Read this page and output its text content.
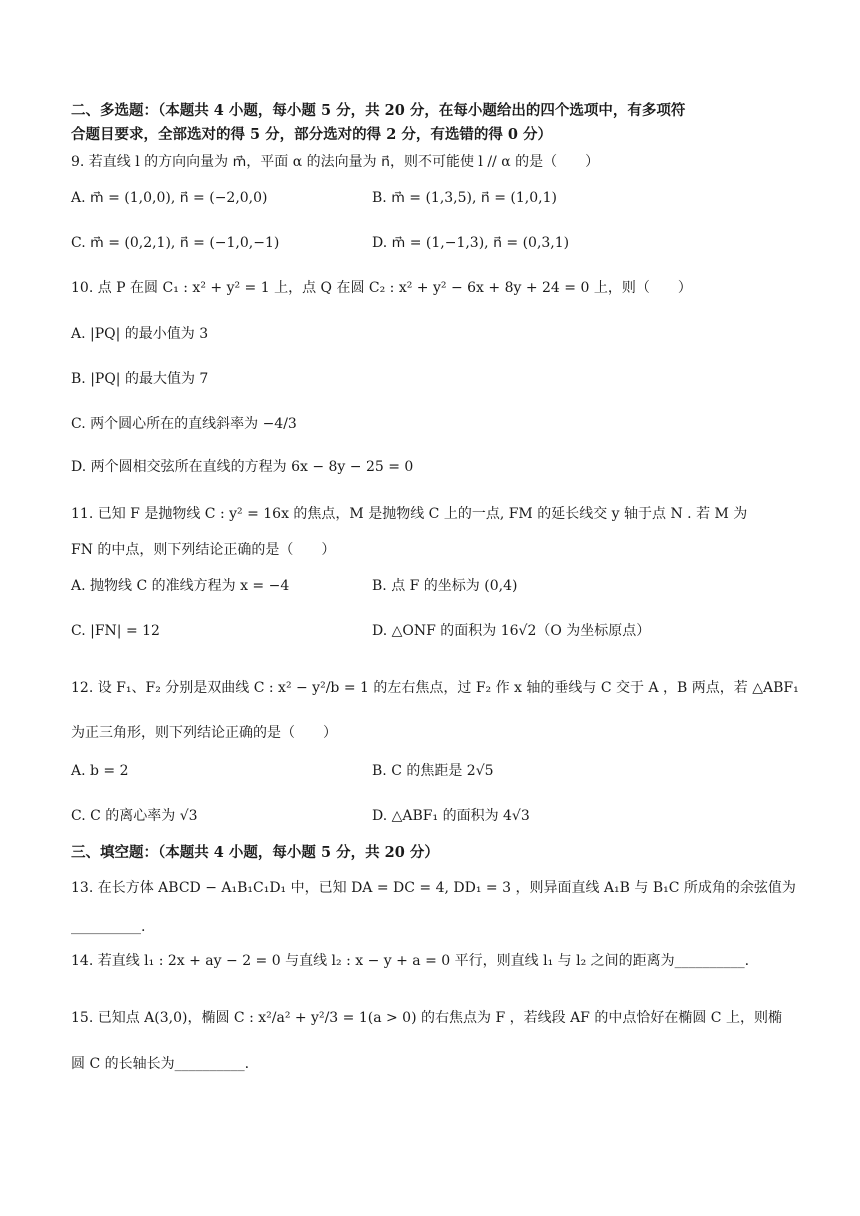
二、多选题：（本题共 4 小题，每小题 5 分，共 20 分，在每小题给出的四个选项中，有多项符
合题目要求，全部选对的得 5 分，部分选对的得 2 分，有选错的得 0 分）
9. 若直线 l 的方向向量为 m⃗，平面 α 的法向量为 n⃗，则不可能使 l // α 的是（　　）
A. m⃗ = (1,0,0), n⃗ = (−2,0,0)	B. m⃗ = (1,3,5), n⃗ = (1,0,1)
C. m⃗ = (0,2,1), n⃗ = (−1,0,−1)	D. m⃗ = (1,−1,3), n⃗ = (0,3,1)
10. 点 P 在圆 C₁ : x² + y² = 1 上，点 Q 在圆 C₂ : x² + y² − 6x + 8y + 24 = 0 上，则（　　）
A. |PQ| 的最小值为 3
B. |PQ| 的最大值为 7
C. 两个圆心所在的直线斜率为 −4/3
D. 两个圆相交弦所在直线的方程为 6x − 8y − 25 = 0
11. 已知 F 是抛物线 C : y² = 16x 的焦点，M 是抛物线 C 上的一点, FM 的延长线交 y 轴于点 N . 若 M 为
FN 的中点，则下列结论正确的是（　　）
A. 抛物线 C 的准线方程为 x = −4	B. 点 F 的坐标为 (0,4)
C. |FN| = 12	D. △ONF 的面积为 16√2（O 为坐标原点）
12. 设 F₁、F₂ 分别是双曲线 C : x² − y²/b = 1 的左右焦点，过 F₂ 作 x 轴的垂线与 C 交于 A ，B 两点，若 △ABF₁
为正三角形，则下列结论正确的是（　　）
A. b = 2	B. C 的焦距是 2√5
C. C 的离心率为 √3	D. △ABF₁ 的面积为 4√3
三、填空题：（本题共 4 小题，每小题 5 分，共 20 分）
13. 在长方体 ABCD − A₁B₁C₁D₁ 中，已知 DA = DC = 4, DD₁ = 3 ，则异面直线 A₁B 与 B₁C 所成角的余弦值为
__________.
14. 若直线 l₁ : 2x + ay − 2 = 0 与直线 l₂ : x − y + a = 0 平行，则直线 l₁ 与 l₂ 之间的距离为__________.
15. 已知点 A(3,0)，椭圆 C : x²/a² + y²/3 = 1(a > 0) 的右焦点为 F ，若线段 AF 的中点恰好在椭圆 C 上，则椭
圆 C 的长轴长为__________.
